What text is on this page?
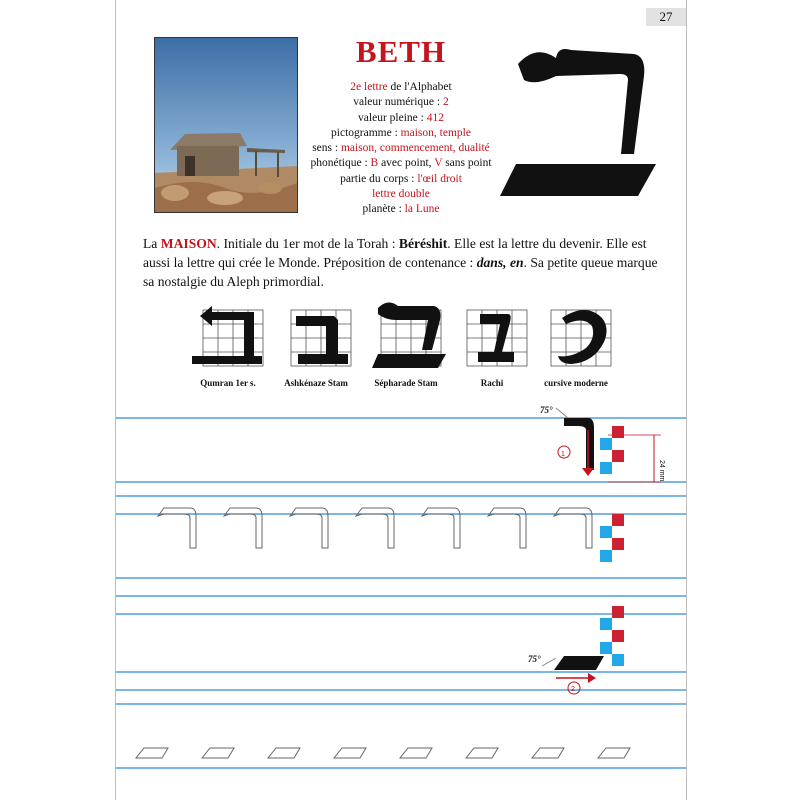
27
BETH
2e lettre de l'Alphabet
valeur numérique : 2
valeur pleine : 412
pictogramme : maison, temple
sens : maison, commencement, dualité
phonétique : B avec point, V sans point
partie du corps : l'œil droit
lettre double
planète : la Lune
La MAISON. Initiale du 1er mot de la Torah : Béréshit. Elle est la lettre du devenir. Elle est aussi la lettre qui crée le Monde. Préposition de contenance : dans, en. Sa petite queue marque sa nostalgie du Aleph primordial.
Qumran 1er s.	Ashkénaze Stam	Sépharade Stam	Rachi	cursive moderne
75°
1
24 mm
75°
2
